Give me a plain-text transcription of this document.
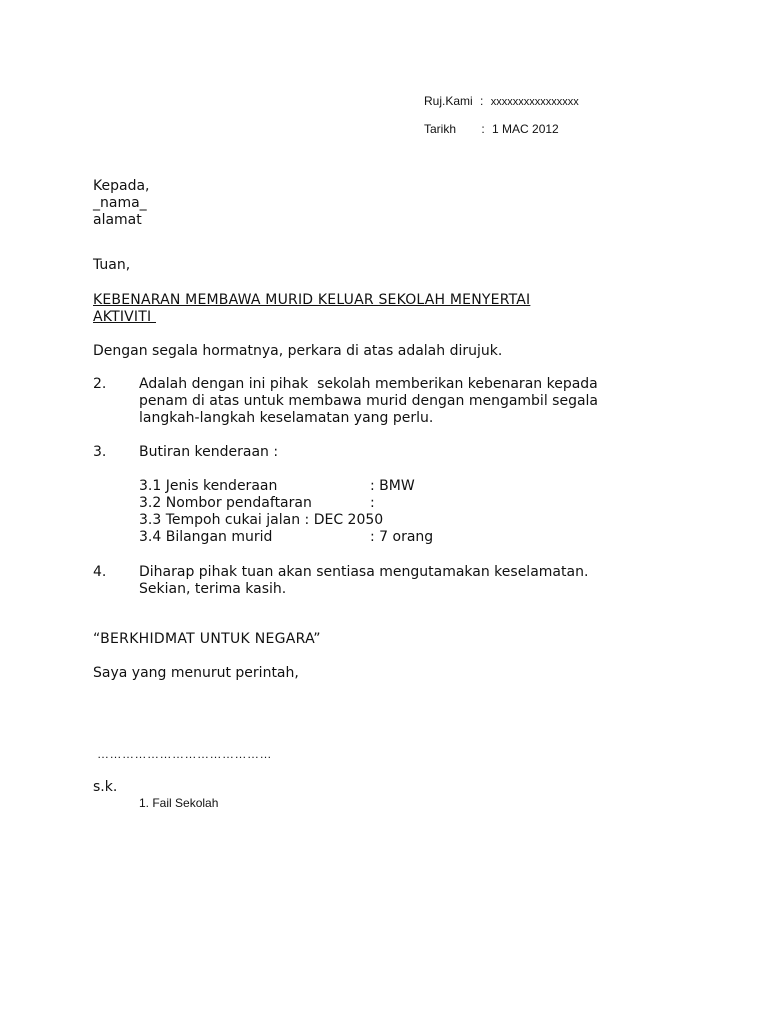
Ruj.Kami : xxxxxxxxxxxxxxxx
Tarikh : 1 MAC 2012
Kepada,
_nama_
alamat
Tuan,
KEBENARAN MEMBAWA MURID KELUAR SEKOLAH MENYERTAI
AKTIVITI
Dengan segala hormatnya, perkara di atas adalah dirujuk.
2. Adalah dengan ini pihak  sekolah memberikan kebenaran kepada
penam di atas untuk membawa murid dengan mengambil segala
langkah-langkah keselamatan yang perlu.
3. Butiran kenderaan :
3.1 Jenis kenderaan	: BMW
3.2 Nombor pendaftaran	:
3.3 Tempoh cukai jalan : DEC 2050
3.4 Bilangan murid	: 7 orang
4. Diharap pihak tuan akan sentiasa mengutamakan keselamatan.
Sekian, terima kasih.
“BERKHIDMAT UNTUK NEGARA”
Saya yang menurut perintah,
……………………………………
s.k.
1. Fail Sekolah
